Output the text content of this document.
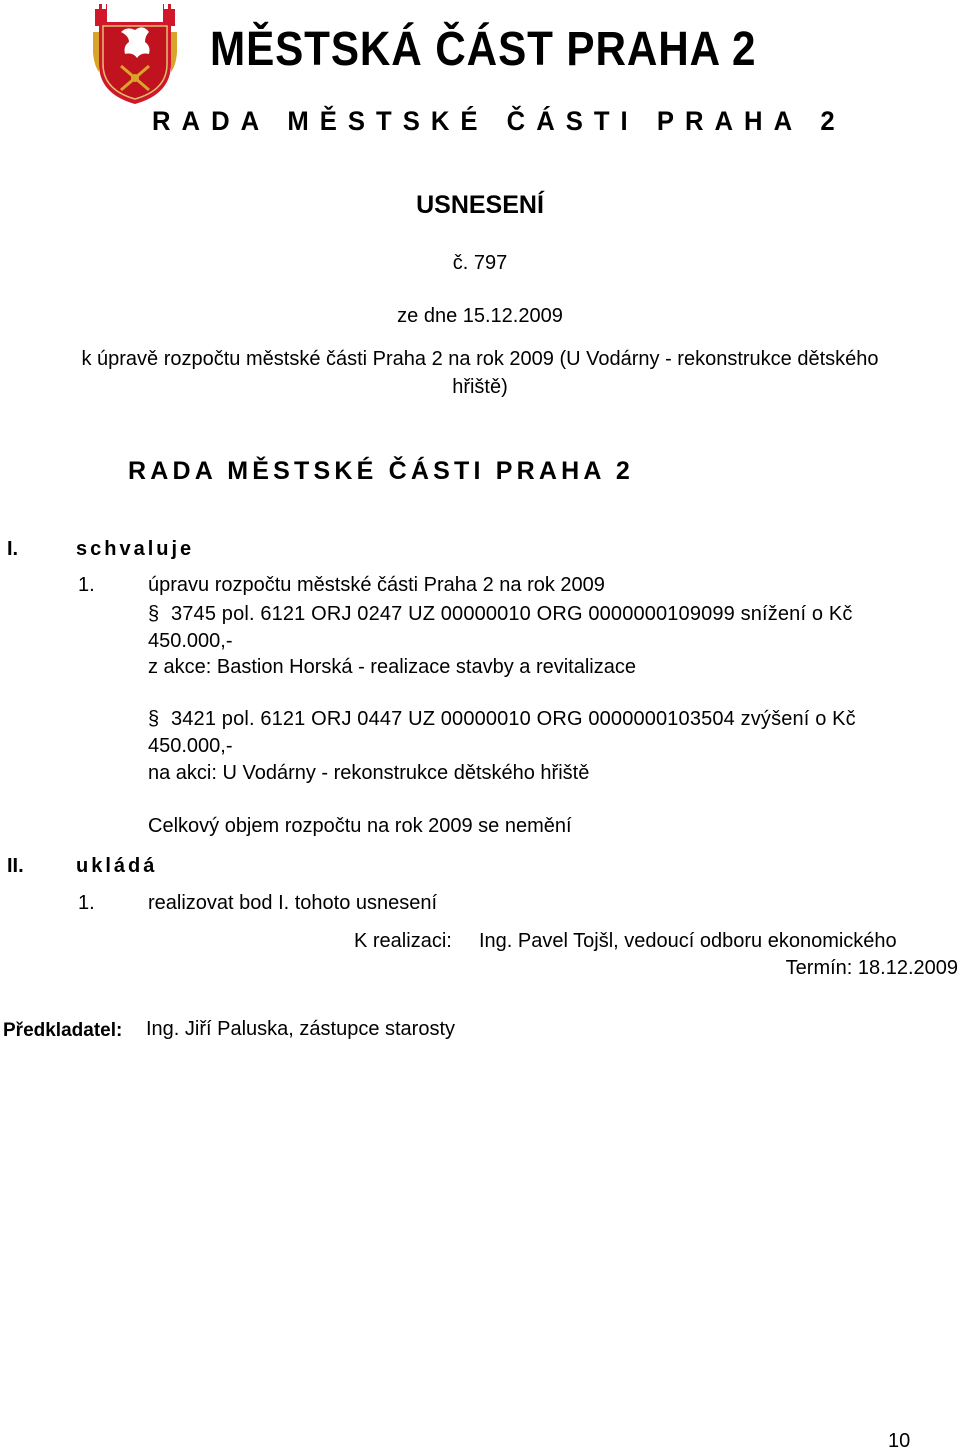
MĚSTSKÁ ČÁST PRAHA 2
RADA MĚSTSKÉ ČÁSTI PRAHA 2
USNESENÍ
č. 797
ze dne 15.12.2009
k úpravě rozpočtu městské části Praha 2 na rok 2009 (U Vodárny - rekonstrukce dětského
hřiště)
RADA MĚSTSKÉ ČÁSTI PRAHA 2
I.	schvaluje
1.	úpravu rozpočtu městské části Praha 2 na rok 2009
§ 3745 pol. 6121 ORJ 0247 UZ 00000010 ORG 0000000109099 snížení o Kč
450.000,-
z akce: Bastion Horská - realizace stavby a revitalizace
§ 3421 pol. 6121 ORJ 0447 UZ 00000010 ORG 0000000103504 zvýšení o Kč
450.000,-
na akci: U Vodárny - rekonstrukce dětského hřiště
Celkový objem rozpočtu na rok 2009 se nemění
II.	ukládá
1.	realizovat bod I. tohoto usnesení
K realizaci: Ing. Pavel Tojšl, vedoucí odboru ekonomického
Termín: 18.12.2009
Předkladatel: Ing. Jiří Paluska, zástupce starosty
10
